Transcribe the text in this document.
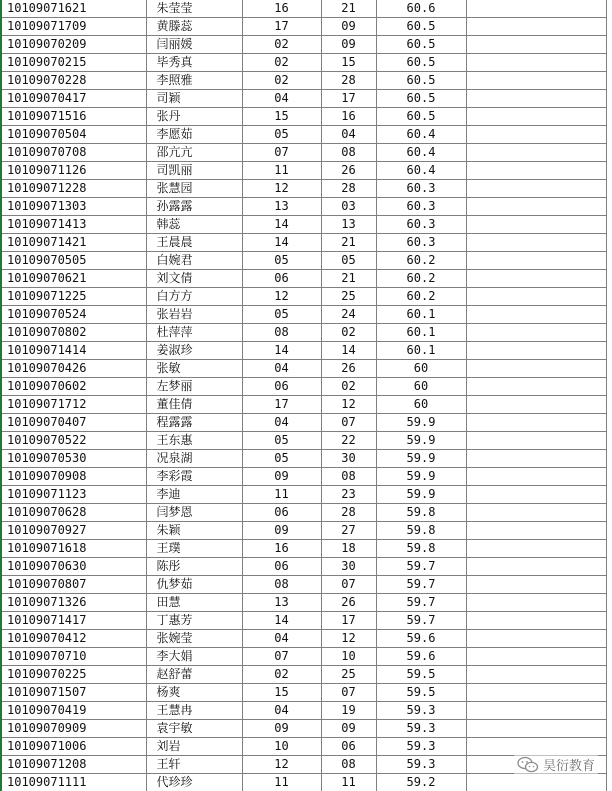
10109071621	朱莹莹	16	21	60.6	
10109071709	黄滕蕊	17	09	60.5	
10109070209	闫丽媛	02	09	60.5	
10109070215	毕秀真	02	15	60.5	
10109070228	李照雅	02	28	60.5	
10109070417	司颖	04	17	60.5	
10109071516	张丹	15	16	60.5	
10109070504	李愿茹	05	04	60.4	
10109070708	邵亢亢	07	08	60.4	
10109071126	司凯丽	11	26	60.4	
10109071228	张慧园	12	28	60.3	
10109071303	孙露露	13	03	60.3	
10109071413	韩蕊	14	13	60.3	
10109071421	王晨晨	14	21	60.3	
10109070505	白婉君	05	05	60.2	
10109070621	刘文倩	06	21	60.2	
10109071225	白方方	12	25	60.2	
10109070524	张岩岩	05	24	60.1	
10109070802	杜萍萍	08	02	60.1	
10109071414	姜淑珍	14	14	60.1	
10109070426	张敏	04	26	60	
10109070602	左梦丽	06	02	60	
10109071712	董佳倩	17	12	60	
10109070407	程露露	04	07	59.9	
10109070522	王东惠	05	22	59.9	
10109070530	况泉湖	05	30	59.9	
10109070908	李彩霞	09	08	59.9	
10109071123	李迪	11	23	59.9	
10109070628	闫梦恩	06	28	59.8	
10109070927	朱颖	09	27	59.8	
10109071618	王璞	16	18	59.8	
10109070630	陈彤	06	30	59.7	
10109070807	仇梦茹	08	07	59.7	
10109071326	田慧	13	26	59.7	
10109071417	丁惠芳	14	17	59.7	
10109070412	张婉莹	04	12	59.6	
10109070710	李大娟	07	10	59.6	
10109070225	赵舒蕾	02	25	59.5	
10109071507	杨爽	15	07	59.5	
10109070419	王慧冉	04	19	59.3	
10109070909	袁宇敏	09	09	59.3	
10109071006	刘岩	10	06	59.3	
10109071208	王轩	12	08	59.3	
10109071111	代珍珍	11	11	59.2	
昊衍教育
